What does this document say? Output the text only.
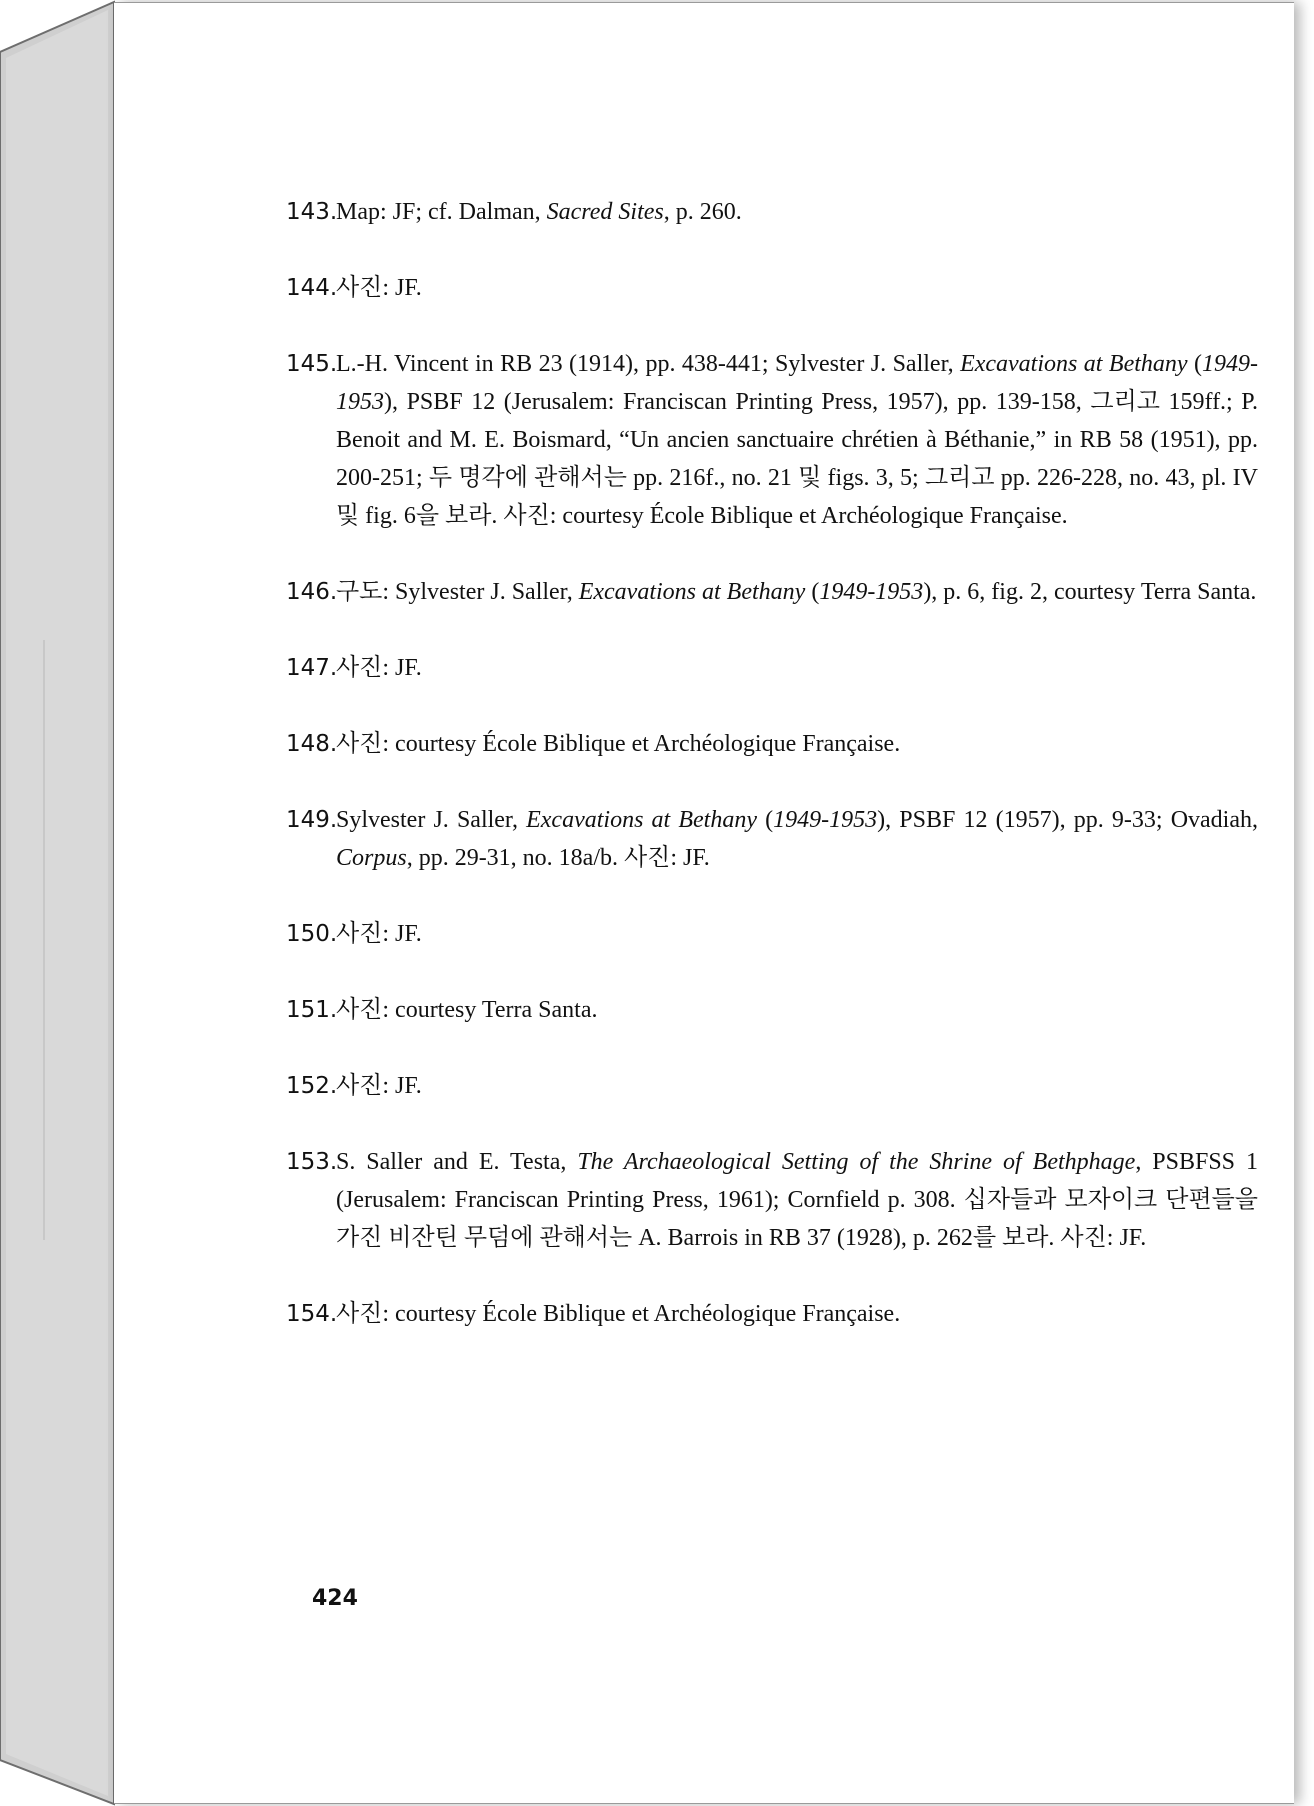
143.
Map: JF; cf. Dalman, Sacred Sites, p. 260.
144.
사진: JF.
145.
L.-H. Vincent in RB 23 (1914), pp. 438-441; Sylvester J. Saller, Excavations at Bethany (1949-1953), PSBF 12 (Jerusalem: Franciscan Printing Press, 1957), pp. 139-158, 그리고 159ff.; P. Benoit and M. E. Boismard, “Un ancien sanctuaire chrétien à Béthanie,” in RB 58 (1951), pp. 200-251; 두 명각에 관해서는 pp. 216f., no. 21 및 figs. 3, 5; 그리고 pp. 226-228, no. 43, pl. IV 및 fig. 6을 보라. 사진: courtesy École Biblique et Archéologique Française.
146.
구도: Sylvester J. Saller, Excavations at Bethany (1949-1953), p. 6, fig. 2, courtesy Terra Santa.
147.
사진: JF.
148.
사진: courtesy École Biblique et Archéologique Française.
149.
Sylvester J. Saller, Excavations at Bethany (1949-1953), PSBF 12 (1957), pp. 9-33; Ovadiah, Corpus, pp. 29-31, no. 18a/b. 사진: JF.
150.
사진: JF.
151.
사진: courtesy Terra Santa.
152.
사진: JF.
153.
S. Saller and E. Testa, The Archaeological Setting of the Shrine of Bethphage, PSBFSS 1 (Jerusalem: Franciscan Printing Press, 1961); Cornfield p. 308. 십자들과 모자이크 단편들을 가진 비잔틴 무덤에 관해서는 A. Barrois in RB 37 (1928), p. 262를 보라. 사진: JF.
154.
사진: courtesy École Biblique et Archéologique Française.
424
